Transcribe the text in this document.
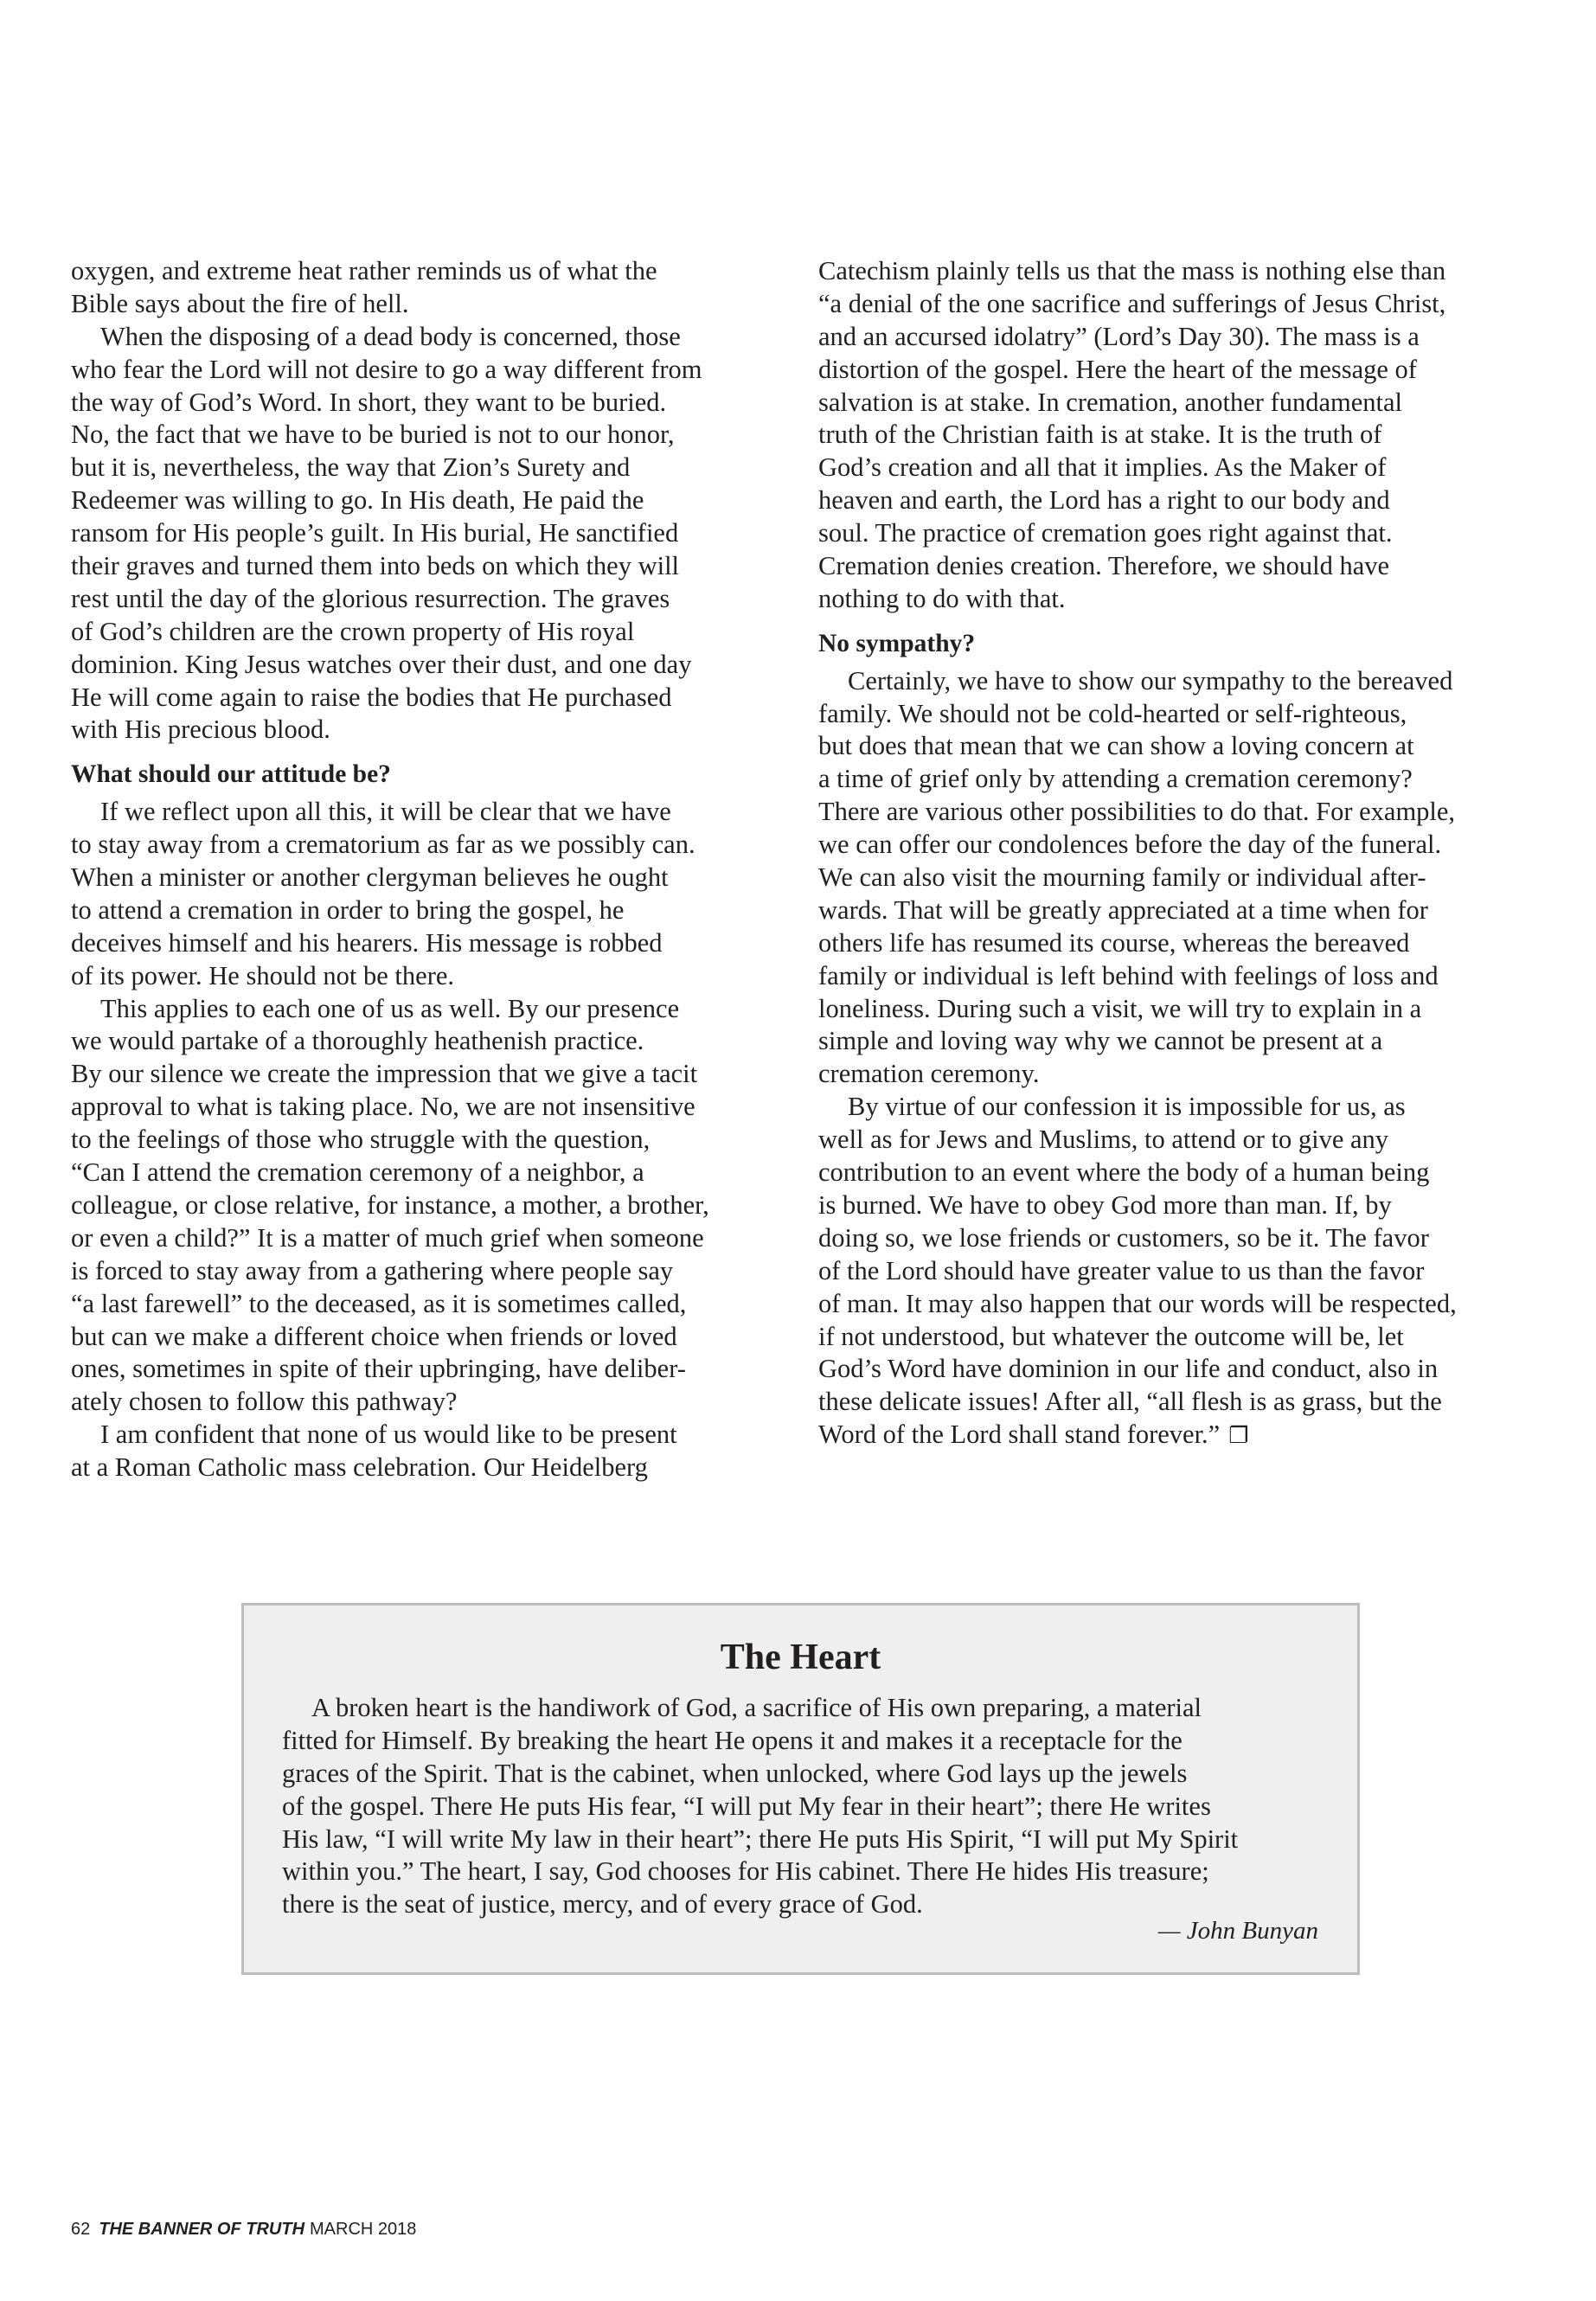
oxygen, and extreme heat rather reminds us of what the
Bible says about the fire of hell.
When the disposing of a dead body is concerned, those
who fear the Lord will not desire to go a way different from
the way of God’s Word. In short, they want to be buried.
No, the fact that we have to be buried is not to our honor,
but it is, nevertheless, the way that Zion’s Surety and
Redeemer was willing to go. In His death, He paid the
ransom for His people’s guilt. In His burial, He sanctified
their graves and turned them into beds on which they will
rest until the day of the glorious resurrection. The graves
of God’s children are the crown property of His royal
dominion. King Jesus watches over their dust, and one day
He will come again to raise the bodies that He purchased
with His precious blood.
What should our attitude be?
If we reflect upon all this, it will be clear that we have
to stay away from a crematorium as far as we possibly can.
When a minister or another clergyman believes he ought
to attend a cremation in order to bring the gospel, he
deceives himself and his hearers. His message is robbed
of its power. He should not be there.
This applies to each one of us as well. By our presence
we would partake of a thoroughly heathenish practice.
By our silence we create the impression that we give a tacit
approval to what is taking place. No, we are not insensitive
to the feelings of those who struggle with the question,
“Can I attend the cremation ceremony of a neighbor, a
colleague, or close relative, for instance, a mother, a brother,
or even a child?” It is a matter of much grief when someone
is forced to stay away from a gathering where people say
“a last farewell” to the deceased, as it is sometimes called,
but can we make a different choice when friends or loved
ones, sometimes in spite of their upbringing, have deliber-
ately chosen to follow this pathway?
I am confident that none of us would like to be present
at a Roman Catholic mass celebration. Our Heidelberg
Catechism plainly tells us that the mass is nothing else than
“a denial of the one sacrifice and sufferings of Jesus Christ,
and an accursed idolatry” (Lord’s Day 30). The mass is a
distortion of the gospel. Here the heart of the message of
salvation is at stake. In cremation, another fundamental
truth of the Christian faith is at stake. It is the truth of
God’s creation and all that it implies. As the Maker of
heaven and earth, the Lord has a right to our body and
soul. The practice of cremation goes right against that.
Cremation denies creation. Therefore, we should have
nothing to do with that.
No sympathy?
Certainly, we have to show our sympathy to the bereaved
family. We should not be cold-hearted or self-righteous,
but does that mean that we can show a loving concern at
a time of grief only by attending a cremation ceremony?
There are various other possibilities to do that. For example,
we can offer our condolences before the day of the funeral.
We can also visit the mourning family or individual after-
wards. That will be greatly appreciated at a time when for
others life has resumed its course, whereas the bereaved
family or individual is left behind with feelings of loss and
loneliness. During such a visit, we will try to explain in a
simple and loving way why we cannot be present at a
cremation ceremony.
By virtue of our confession it is impossible for us, as
well as for Jews and Muslims, to attend or to give any
contribution to an event where the body of a human being
is burned. We have to obey God more than man. If, by
doing so, we lose friends or customers, so be it. The favor
of the Lord should have greater value to us than the favor
of man. It may also happen that our words will be respected,
if not understood, but whatever the outcome will be, let
God’s Word have dominion in our life and conduct, also in
these delicate issues! After all, “all flesh is as grass, but the
Word of the Lord shall stand forever.” ❐
The Heart
A broken heart is the handiwork of God, a sacrifice of His own preparing, a material
fitted for Himself. By breaking the heart He opens it and makes it a receptacle for the
graces of the Spirit. That is the cabinet, when unlocked, where God lays up the jewels
of the gospel. There He puts His fear, “I will put My fear in their heart”; there He writes
His law, “I will write My law in their heart”; there He puts His Spirit, “I will put My Spirit
within you.” The heart, I say, God chooses for His cabinet. There He hides His treasure;
there is the seat of justice, mercy, and of every grace of God.
— John Bunyan
62 THE BANNER OF TRUTH MARCH 2018
